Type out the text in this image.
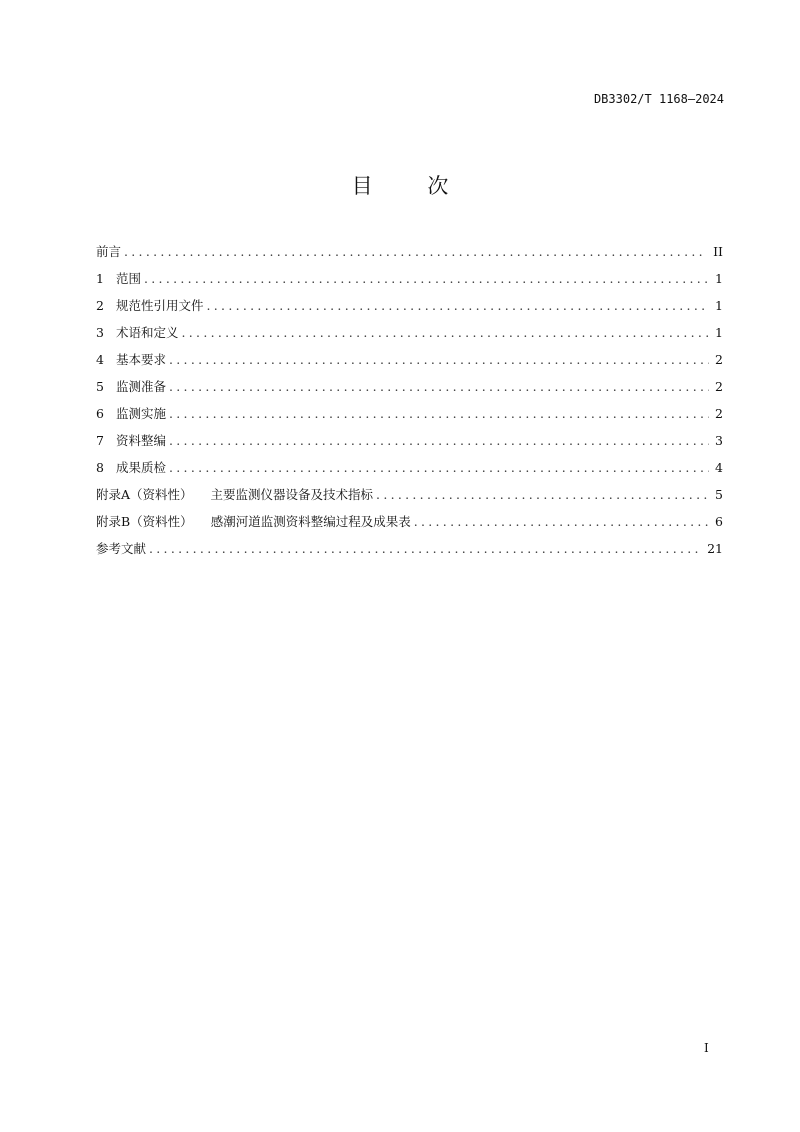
DB3302/T 1168—2024
目	次
前言 .....	II
1 范围 .....	1
2 规范性引用文件 .....	1
3 术语和定义 .....	1
4 基本要求 .....	2
5 监测准备 .....	2
6 监测实施 .....	2
7 资料整编 .....	3
8 成果质检 .....	4
附录A（资料性） 主要监测仪器设备及技术指标 .....	5
附录B（资料性） 感潮河道监测资料整编过程及成果表 .....	6
参考文献 .....	21
I
